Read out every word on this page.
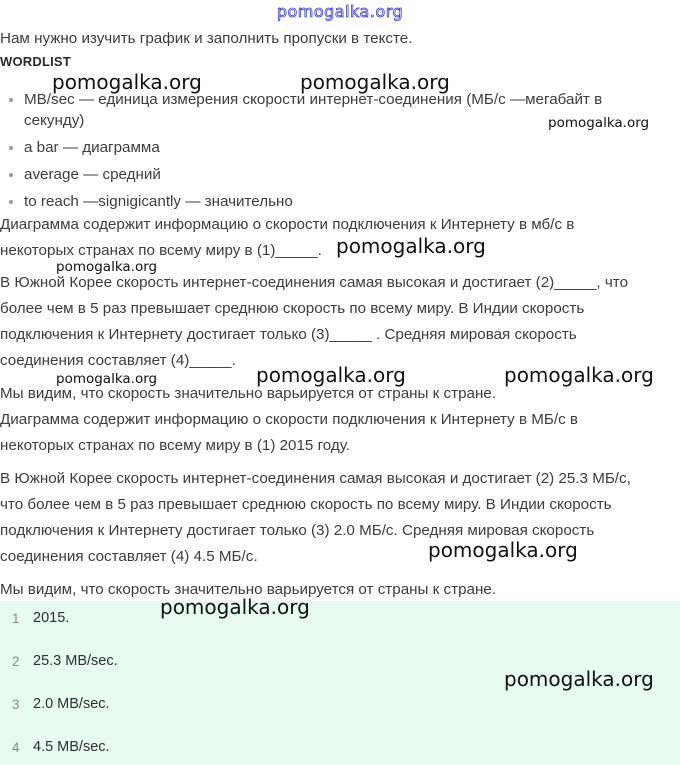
pomogalka.org

Нам нужно изучить график и заполнить пропуски в тексте.

WORDLIST
MB/sec — единица измерения скорости интернет-соединения (МБ/с —мегабайт в
секунду)
a bar — диаграмма
average — средний
to reach —signigicantly — значительно

Диаграмма содержит информацию о скорости подключения к Интернету в мб/с в

некоторых странах по всему миру в (1)_____.

В Южной Корее скорость интернет-соединения самая высокая и достигает (2)_____, что

более чем в 5 раз превышает среднюю скорость по всему миру. В Индии скорость

подключения к Интернету достигает только (3)_____ . Средняя мировая скорость

соединения составляет (4)_____.

Мы видим, что скорость значительно варьируется от страны к стране.

Диаграмма содержит информацию о скорости подключения к Интернету в МБ/с в

некоторых странах по всему миру в (1) 2015 году.

В Южной Корее скорость интернет-соединения самая высокая и достигает (2) 25.3 МБ/с,

что более чем в 5 раз превышает среднюю скорость по всему миру. В Индии скорость

подключения к Интернету достигает только (3) 2.0 МБ/с. Средняя мировая скорость

соединения составляет (4) 4.5 МБ/с.

Мы видим, что скорость значительно варьируется от страны к стране.

1 2015.
2 25.3 MB/sec.
3 2.0 MB/sec.
4 4.5 MB/sec.
pomogalka.org	pomogalka.org
pomogalka.org
pomogalka.org
pomogalka.org
pomogalka.org	pomogalka.org	pomogalka.org
pomogalka.org
pomogalka.org
pomogalka.org
